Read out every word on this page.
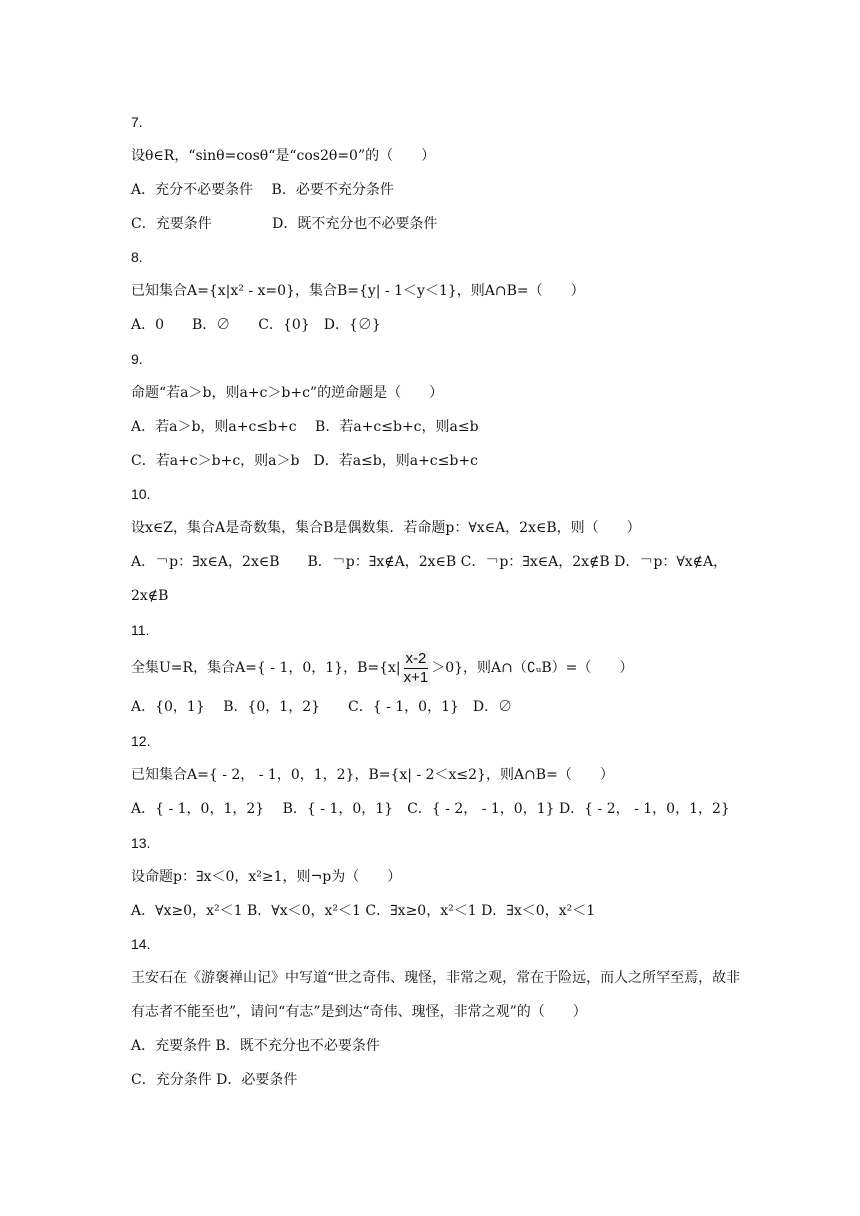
7.
设θ∈R，“sinθ=cosθ“是“cos2θ=0”的（　　）
A．充分不必要条件　 B．必要不充分条件
C．充要条件　　　　 D．既不充分也不必要条件
8.
已知集合A={x|x² - x=0}，集合B={y| - 1＜y＜1}，则A∩B=（　　）
A．0　　B．∅　　C．{0}　D．{∅}
9.
命题“若a＞b，则a+c＞b+c”的逆命题是（　　）
A．若a＞b，则a+c≤b+c　 B．若a+c≤b+c，则a≤b
C．若a+c＞b+c，则a＞b　D．若a≤b，则a+c≤b+c
10.
设x∈Z，集合A是奇数集，集合B是偶数集．若命题p：∀x∈A，2x∈B，则（　　）
A．￢p：∃x∈A，2x∈B　　B．￢p：∃x∉A，2x∈B C．￢p：∃x∈A，2x∉B D．￢p：∀x∉A，
2x∉B
11.
全集U=R，集合A={ - 1，0，1}，$B=\{x| \frac{x-2}{x+1} >0\}$，则A∩（∁ᵤB）=（　　）
A．{0，1}　 B．{0，1，2}　　C．{ - 1，0，1}　D．∅
12.
已知集合A={ - 2， - 1，0，1，2}，B={x| - 2＜x≤2}，则A∩B=（　　）
A．{ - 1，0，1，2}　 B．{ - 1，0，1}　C．{ - 2， - 1，0，1} D．{ - 2， - 1，0，1，2}
13.
设命题p：∃x＜0，x²≥1，则¬p为（　　）
A．∀x≥0，x²＜1 B．∀x＜0，x²＜1 C．∃x≥0，x²＜1 D．∃x＜0，x²＜1
14.
王安石在《游褒禅山记》中写道“世之奇伟、瑰怪，非常之观，常在于险远，而人之所罕至焉，故非有志者不能至也”，请问“有志”是到达“奇伟、瑰怪，非常之观”的（　　）
A．充要条件 B．既不充分也不必要条件
C．充分条件 D．必要条件
